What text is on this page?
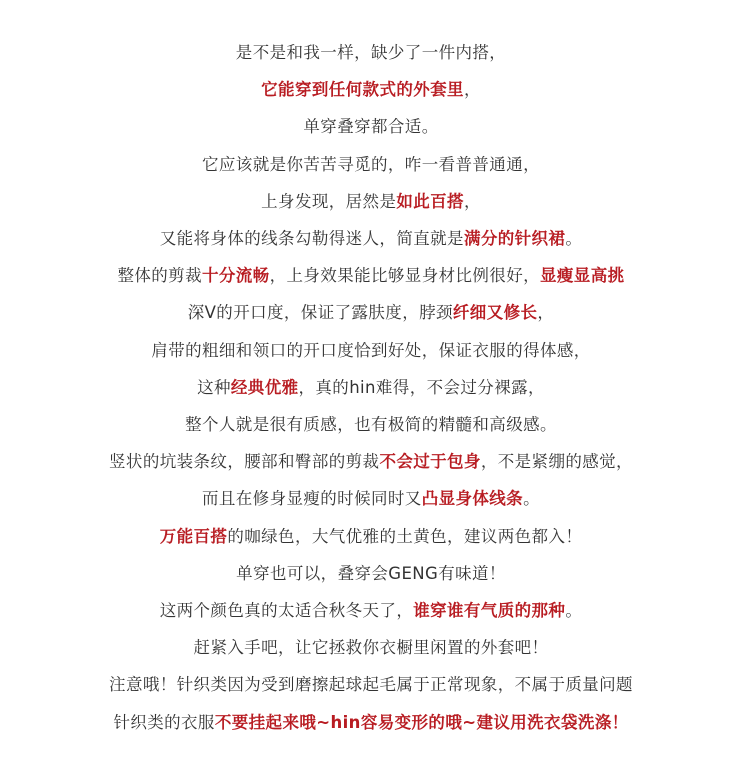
是不是和我一样，缺少了一件内搭，
它能穿到任何款式的外套里，
单穿叠穿都合适。
它应该就是你苦苦寻觅的，咋一看普普通通，
上身发现，居然是如此百搭，
又能将身体的线条勾勒得迷人，简直就是满分的针织裙。
整体的剪裁十分流畅，上身效果能比够显身材比例很好，显瘦显高挑
深V的开口度，保证了露肤度，脖颈纤细又修长，
肩带的粗细和领口的开口度恰到好处，保证衣服的得体感，
这种经典优雅，真的hin难得，不会过分裸露，
整个人就是很有质感，也有极简的精髓和高级感。
竖状的坑装条纹，腰部和臀部的剪裁不会过于包身，不是紧绷的感觉，
而且在修身显瘦的时候同时又凸显身体线条。
万能百搭的咖绿色，大气优雅的土黄色，建议两色都入！
单穿也可以，叠穿会GENG有味道！
这两个颜色真的太适合秋冬天了，谁穿谁有气质的那种。
赶紧入手吧，让它拯救你衣橱里闲置的外套吧！
注意哦！针织类因为受到磨擦起球起毛属于正常现象，不属于质量问题
针织类的衣服不要挂起来哦~hin容易变形的哦~建议用洗衣袋洗涤！
